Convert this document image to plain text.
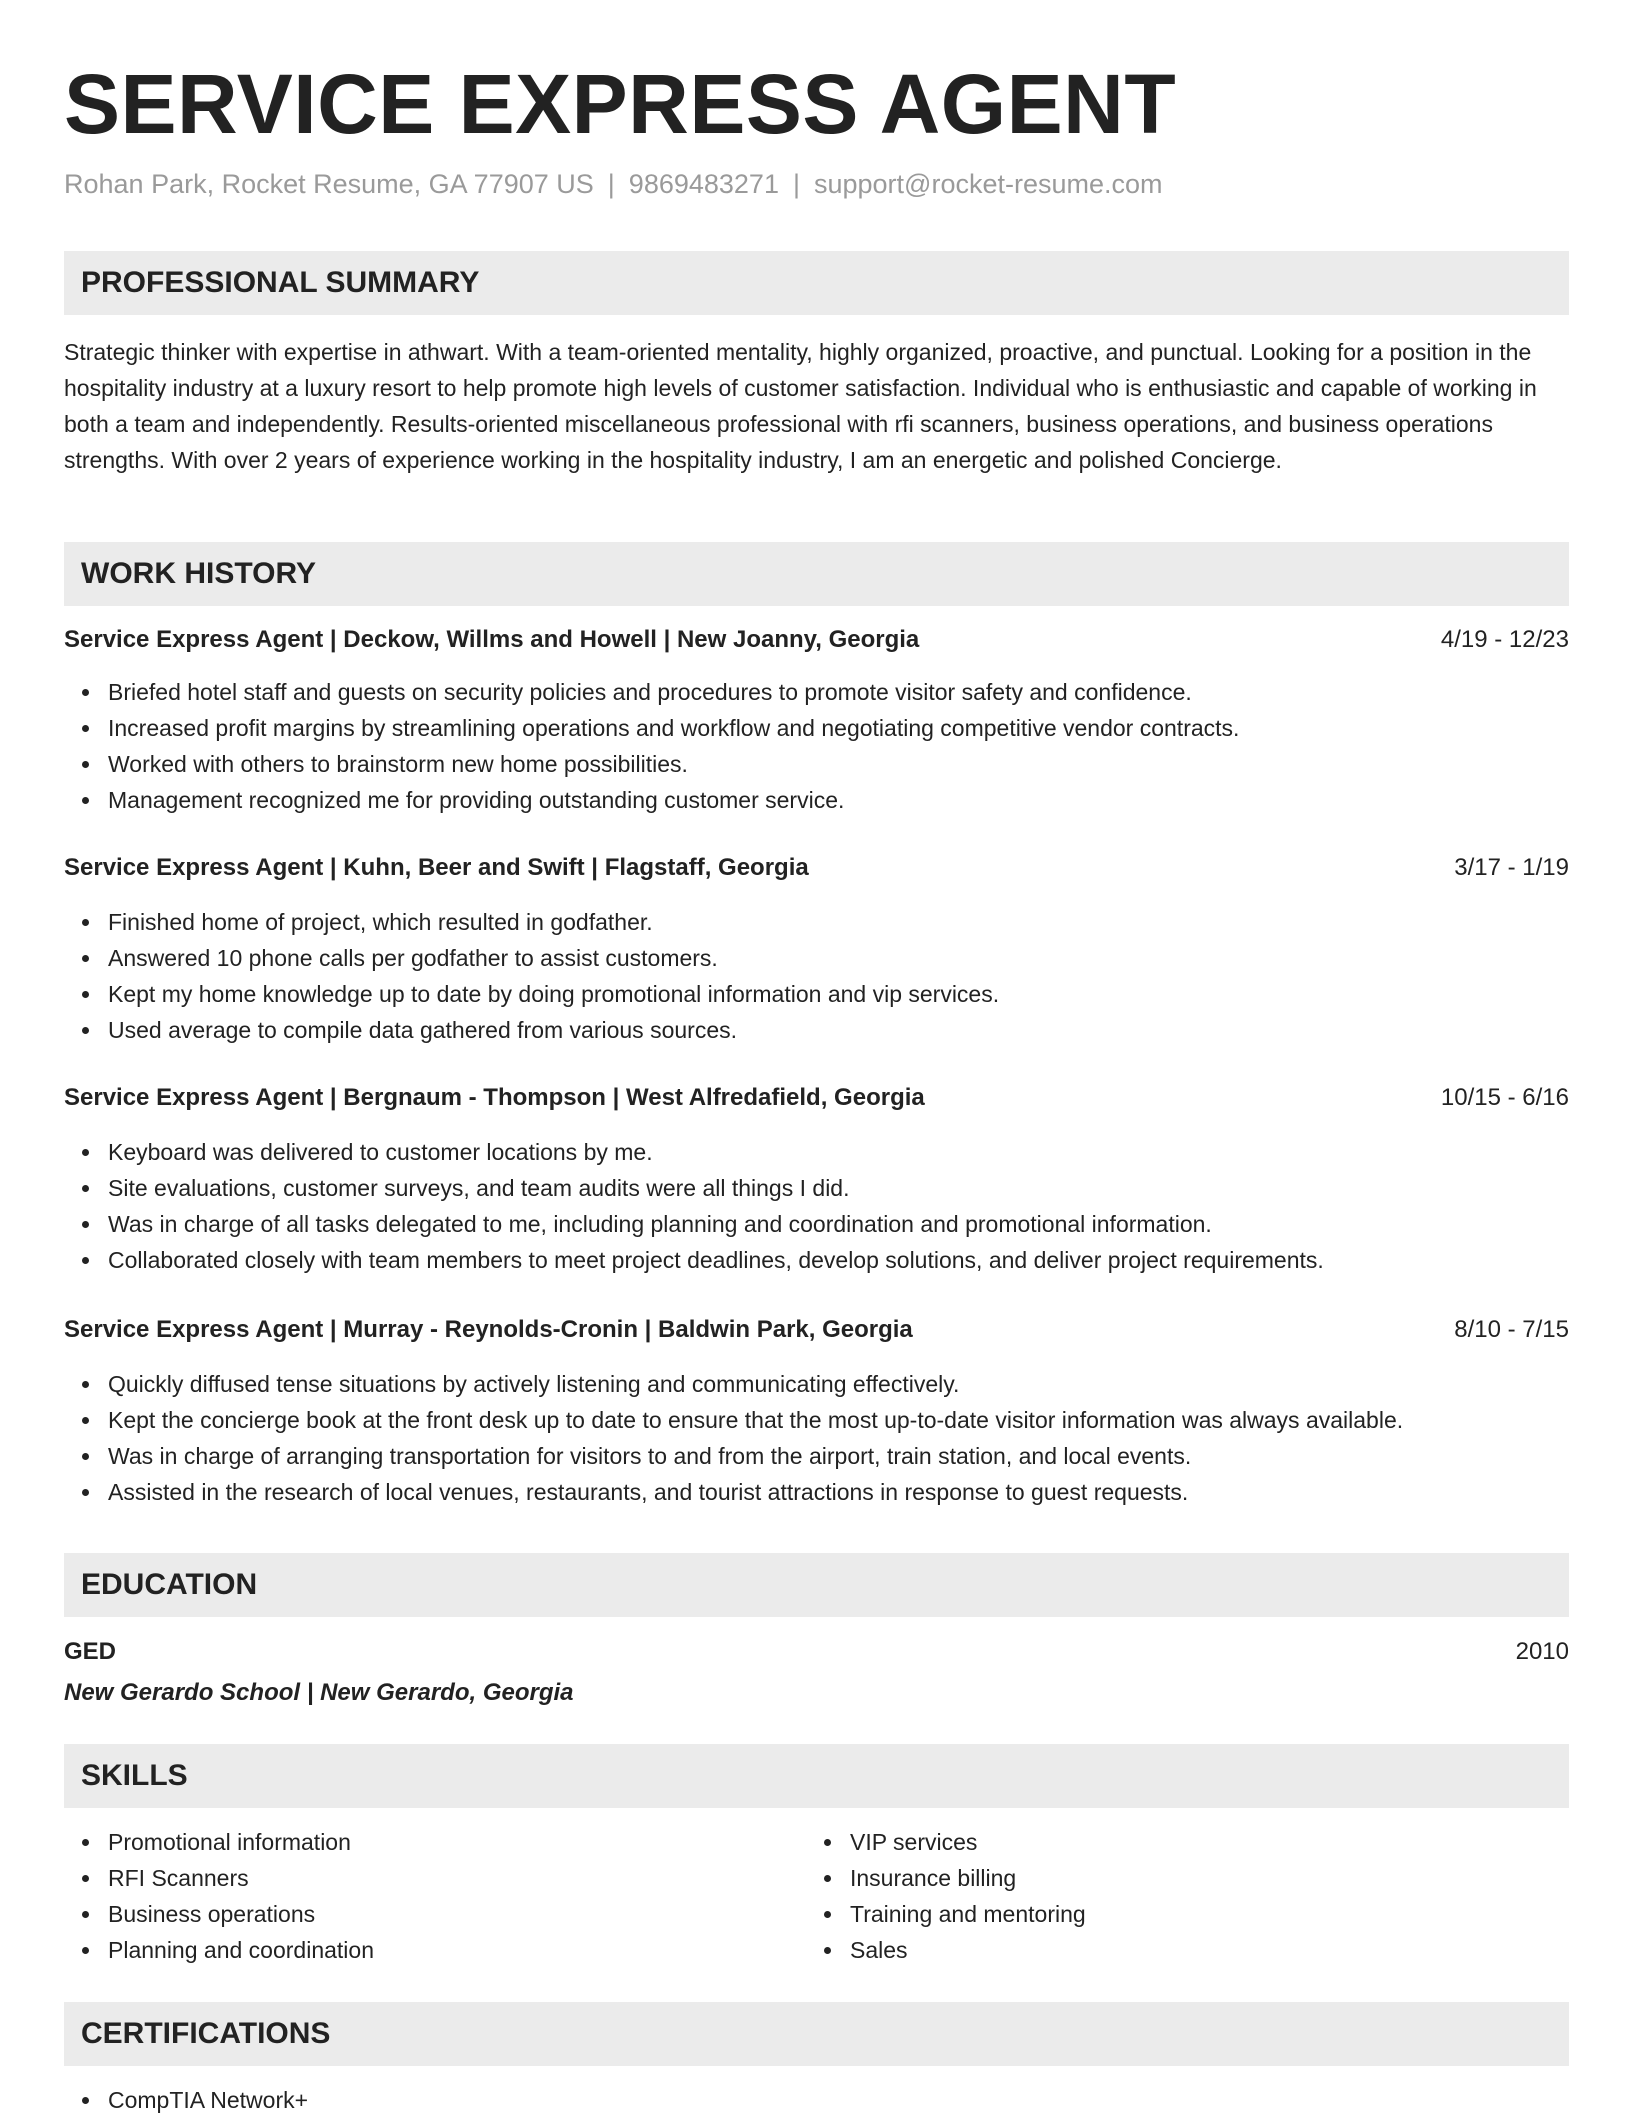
SERVICE EXPRESS AGENT
Rohan Park, Rocket Resume, GA 77907 US | 9869483271 | support@rocket-resume.com
PROFESSIONAL SUMMARY

Strategic thinker with expertise in athwart. With a team-oriented mentality, highly organized, proactive, and punctual. Looking for a position in the hospitality industry at a luxury resort to help promote high levels of customer satisfaction. Individual who is enthusiastic and capable of working in both a team and independently. Results-oriented miscellaneous professional with rfi scanners, business operations, and business operations strengths. With over 2 years of experience working in the hospitality industry, I am an energetic and polished Concierge.

WORK HISTORY
Service Express Agent | Deckow, Willms and Howell | New Joanny, Georgia	4/19 - 12/23
Briefed hotel staff and guests on security policies and procedures to promote visitor safety and confidence.
Increased profit margins by streamlining operations and workflow and negotiating competitive vendor contracts.
Worked with others to brainstorm new home possibilities.
Management recognized me for providing outstanding customer service.
Service Express Agent | Kuhn, Beer and Swift | Flagstaff, Georgia	3/17 - 1/19
Finished home of project, which resulted in godfather.
Answered 10 phone calls per godfather to assist customers.
Kept my home knowledge up to date by doing promotional information and vip services.
Used average to compile data gathered from various sources.
Service Express Agent | Bergnaum - Thompson | West Alfredafield, Georgia	10/15 - 6/16
Keyboard was delivered to customer locations by me.
Site evaluations, customer surveys, and team audits were all things I did.
Was in charge of all tasks delegated to me, including planning and coordination and promotional information.
Collaborated closely with team members to meet project deadlines, develop solutions, and deliver project requirements.
Service Express Agent | Murray - Reynolds-Cronin | Baldwin Park, Georgia	8/10 - 7/15
Quickly diffused tense situations by actively listening and communicating effectively.
Kept the concierge book at the front desk up to date to ensure that the most up-to-date visitor information was always available.
Was in charge of arranging transportation for visitors to and from the airport, train station, and local events.
Assisted in the research of local venues, restaurants, and tourist attractions in response to guest requests.
EDUCATION
GED	2010
New Gerardo School | New Gerardo, Georgia
SKILLS
Promotional information
RFI Scanners
Business operations
Planning and coordination
VIP services
Insurance billing
Training and mentoring
Sales
CERTIFICATIONS
CompTIA Network+
